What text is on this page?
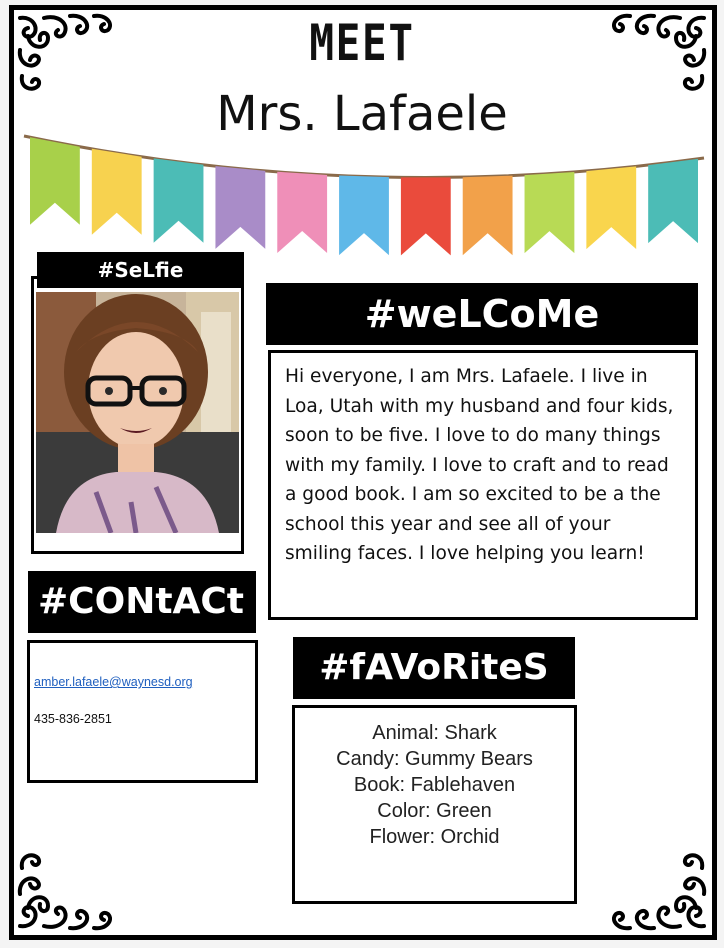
MEET
Mrs. Lafaele
#SeLfie
#weLCoMe
Hi everyone, I am Mrs. Lafaele. I live in Loa, Utah with my husband and four kids, soon to be five. I love to do many things with my family. I love to craft and to read a good book. I am so excited to be a the school this year and see all of your smiling faces. I love helping you learn!
#CONtACt
amber.lafaele@waynesd.org
435-836-2851
#fAVoRiteS
Animal: Shark
Candy: Gummy Bears
Book: Fablehaven
Color: Green
Flower: Orchid
